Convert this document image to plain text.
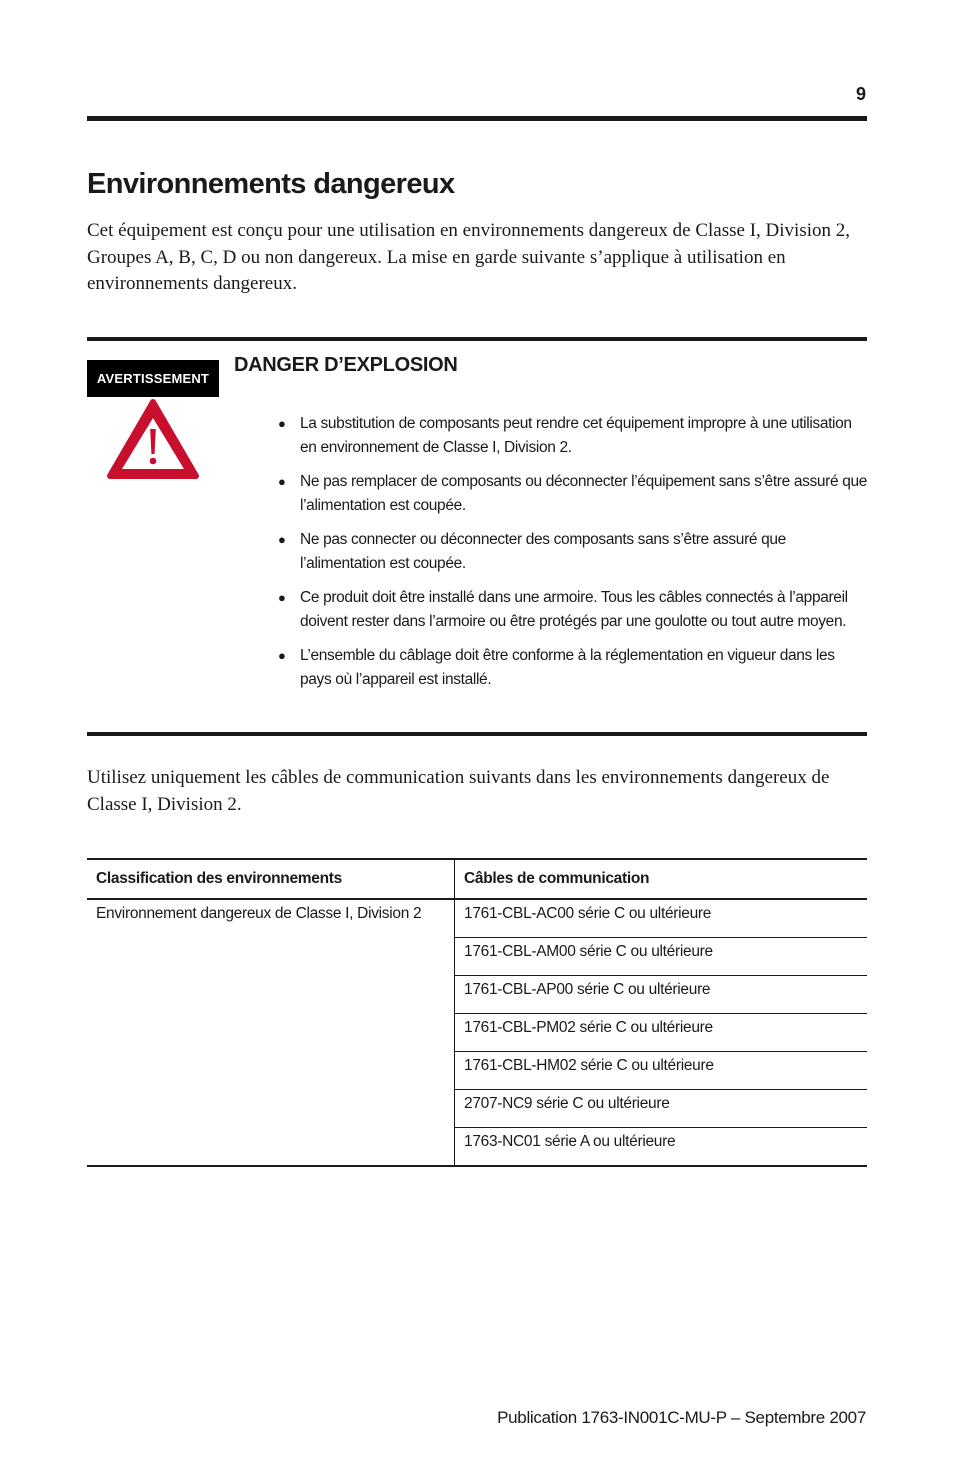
9
Environnements dangereux

Cet équipement est conçu pour une utilisation en environnements dangereux de Classe I, Division 2, Groupes A, B, C, D ou non dangereux. La mise en garde suivante s’applique à utilisation en environnements dangereux.

AVERTISSEMENT
DANGER D’EXPLOSION
● La substitution de composants peut rendre cet équipement impropre à une utilisation en environnement de Classe I, Division 2.
● Ne pas remplacer de composants ou déconnecter l’équipement sans s’être assuré que l’alimentation est coupée.
● Ne pas connecter ou déconnecter des composants sans s’être assuré que l’alimentation est coupée.
● Ce produit doit être installé dans une armoire. Tous les câbles connectés à l’appareil doivent rester dans l’armoire ou être protégés par une goulotte ou tout autre moyen.
● L’ensemble du câblage doit être conforme à la réglementation en vigueur dans les pays où l’appareil est installé.

Utilisez uniquement les câbles de communication suivants dans les environnements dangereux de Classe I, Division 2.

Classification des environnements	Câbles de communication
Environnement dangereux de Classe I, Division 2	1761-CBL-AC00 série C ou ultérieure
	1761-CBL-AM00 série C ou ultérieure
	1761-CBL-AP00 série C ou ultérieure
	1761-CBL-PM02 série C ou ultérieure
	1761-CBL-HM02 série C ou ultérieure
	2707-NC9 série C ou ultérieure
	1763-NC01 série A ou ultérieure
Publication 1763-IN001C-MU-P – Septembre 2007
